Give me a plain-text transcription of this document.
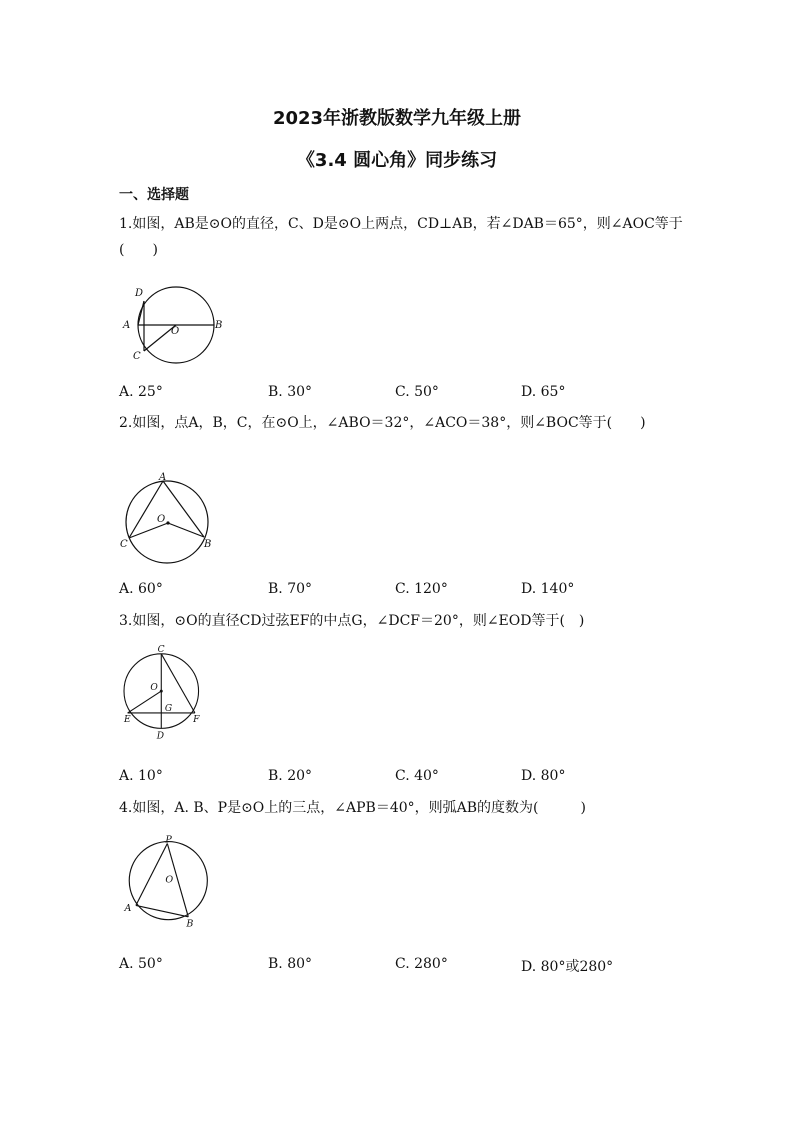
2023年浙教版数学九年级上册
《3.4 圆心角》同步练习
一、选择题
1.如图，AB是⊙O的直径，C、D是⊙O上两点，CD⊥AB，若∠DAB＝65°，则∠AOC等于(　　)
D
A
O
B
C
A. 25°	B. 30°	C. 50°	D. 65°
2.如图，点A，B，C，在⊙O上，∠ABO＝32°，∠ACO＝38°，则∠BOC等于(　　)
A
O
C	B
A. 60°	B. 70°	C. 120°	D. 140°
3.如图，⊙O的直径CD过弦EF的中点G，∠DCF＝20°，则∠EOD等于(　)
C
O
G
E	F
D
A. 10°	B. 20°	C. 40°	D. 80°
4.如图，A. B、P是⊙O上的三点，∠APB＝40°，则弧AB的度数为(　　　)
P
O
A
B
A. 50°	B. 80°	C. 280°	D. 80°或280°
